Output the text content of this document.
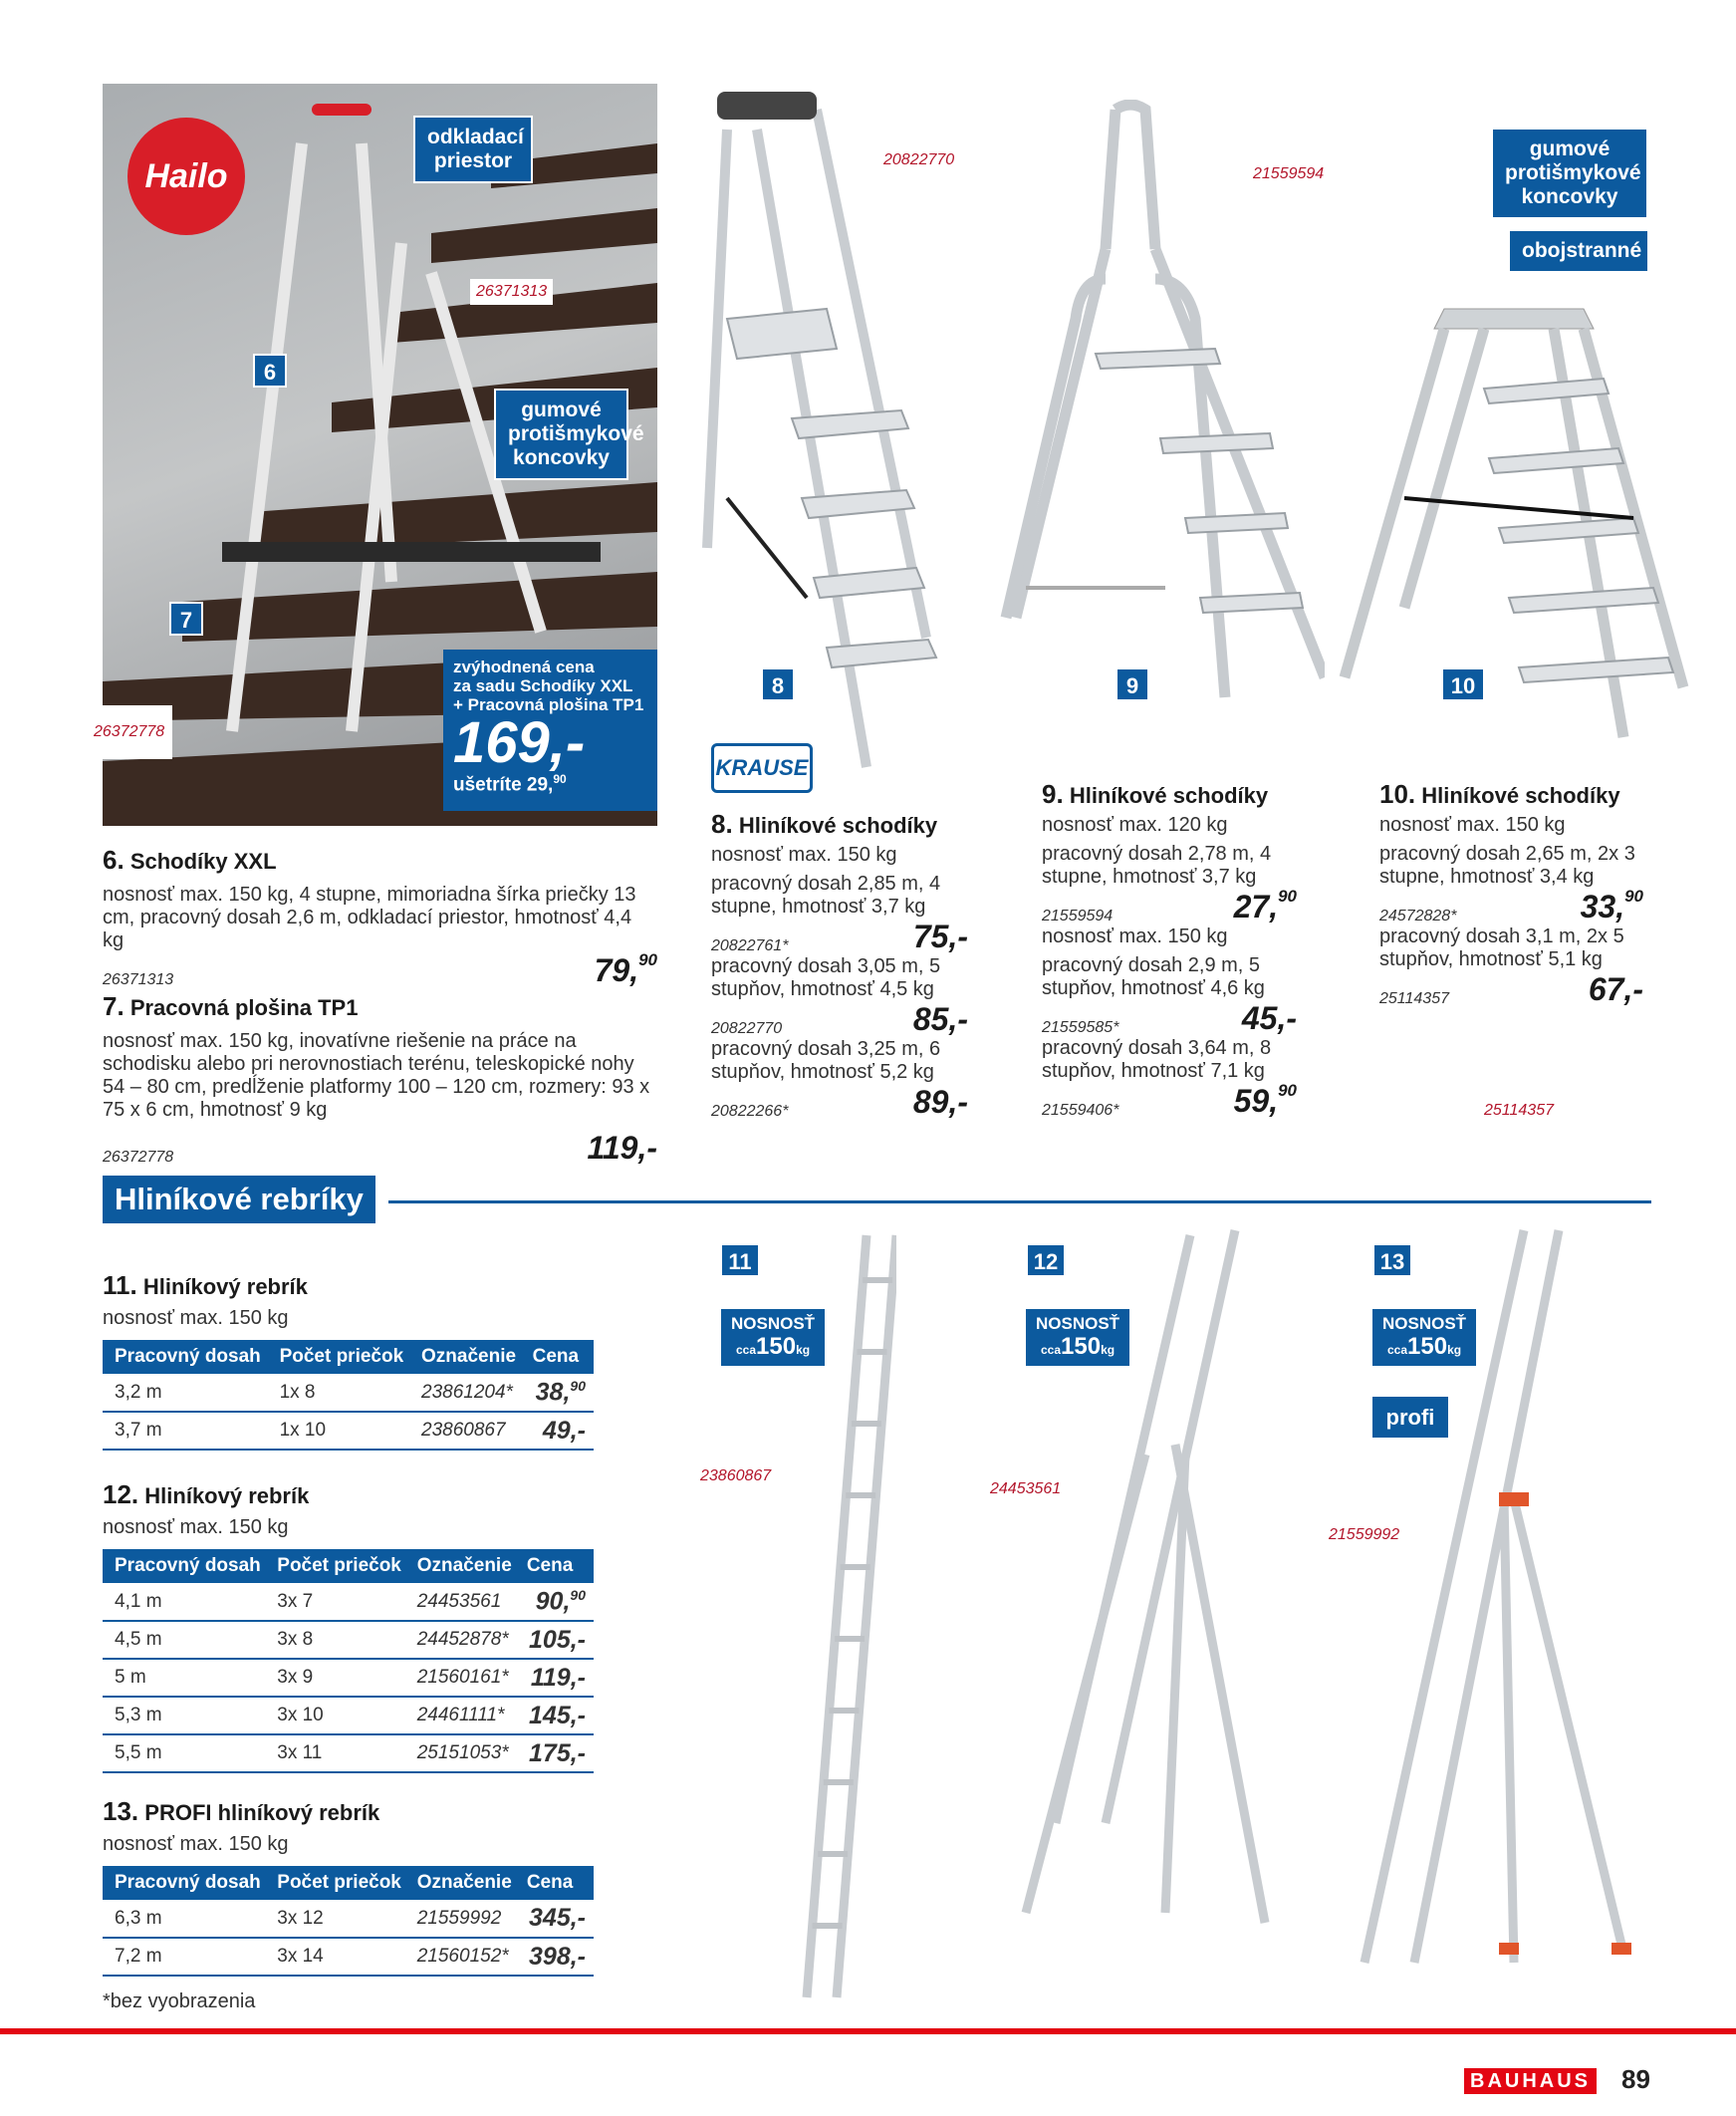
Hailo
odkladací priestor
26371313
6
gumové protišmykové koncovky
7
26372778
zvýhodnená cena
za sadu Schodíky XXL
+ Pracovná plošina TP1
169,-
ušetríte 29,90
6. Schodíky XXL
nosnosť max. 150 kg, 4 stupne, mimoriadna šírka priečky 13 cm, pracovný dosah 2,6 m, odkladací priestor, hmotnosť 4,4 kg
26371313	79,90
7. Pracovná plošina TP1
nosnosť max. 150 kg, inovatívne riešenie na práce na schodisku alebo pri nerovnostiach terénu, teleskopické nohy 54 – 80 cm, predĺženie platformy 100 – 120 cm, rozmery: 93 x 75 x 6 cm, hmotnosť 9 kg
26372778	119,-
20822770
8
KRAUSE
21559594
9
gumové protišmykové koncovky
obojstranné
10
8. Hliníkové schodíky
nosnosť max. 150 kg
pracovný dosah 2,85 m, 4 stupne, hmotnosť 3,7 kg
20822761*	75,-
pracovný dosah 3,05 m, 5 stupňov, hmotnosť 4,5 kg
20822770	85,-
pracovný dosah 3,25 m, 6 stupňov, hmotnosť 5,2 kg
20822266*	89,-
9. Hliníkové schodíky
nosnosť max. 120 kg
pracovný dosah 2,78 m, 4 stupne, hmotnosť 3,7 kg
21559594	27,90
nosnosť max. 150 kg
pracovný dosah 2,9 m, 5 stupňov, hmotnosť 4,6 kg
21559585*	45,-
pracovný dosah 3,64 m, 8 stupňov, hmotnosť 7,1 kg
21559406*	59,90
10. Hliníkové schodíky
nosnosť max. 150 kg
pracovný dosah 2,65 m, 2x 3 stupne, hmotnosť 3,4 kg
24572828*	33,90
pracovný dosah 3,1 m, 2x 5 stupňov, hmotnosť 5,1 kg
25114357	67,-
25114357
Hliníkové rebríky
11. Hliníkový rebrík
nosnosť max. 150 kg
Pracovný dosah	Počet priečok	Označenie	Cena
3,2 m	1x 8	23861204*	38,90
3,7 m	1x 10	23860867	49,-
12. Hliníkový rebrík
nosnosť max. 150 kg
Pracovný dosah	Počet priečok	Označenie	Cena
4,1 m	3x 7	24453561	90,90
4,5 m	3x 8	24452878*	105,-
5 m	3x 9	21560161*	119,-
5,3 m	3x 10	24461111*	145,-
5,5 m	3x 11	25151053*	175,-
13. PROFI hliníkový rebrík
nosnosť max. 150 kg
Pracovný dosah	Počet priečok	Označenie	Cena
6,3 m	3x 12	21559992	345,-
7,2 m	3x 14	21560152*	398,-
*bez vyobrazenia
11
NOSNOSŤ
cca150kg
23860867
12
NOSNOSŤ
cca150kg
24453561
13
NOSNOSŤ
cca150kg
profi
21559992
BAUHAUS 89
